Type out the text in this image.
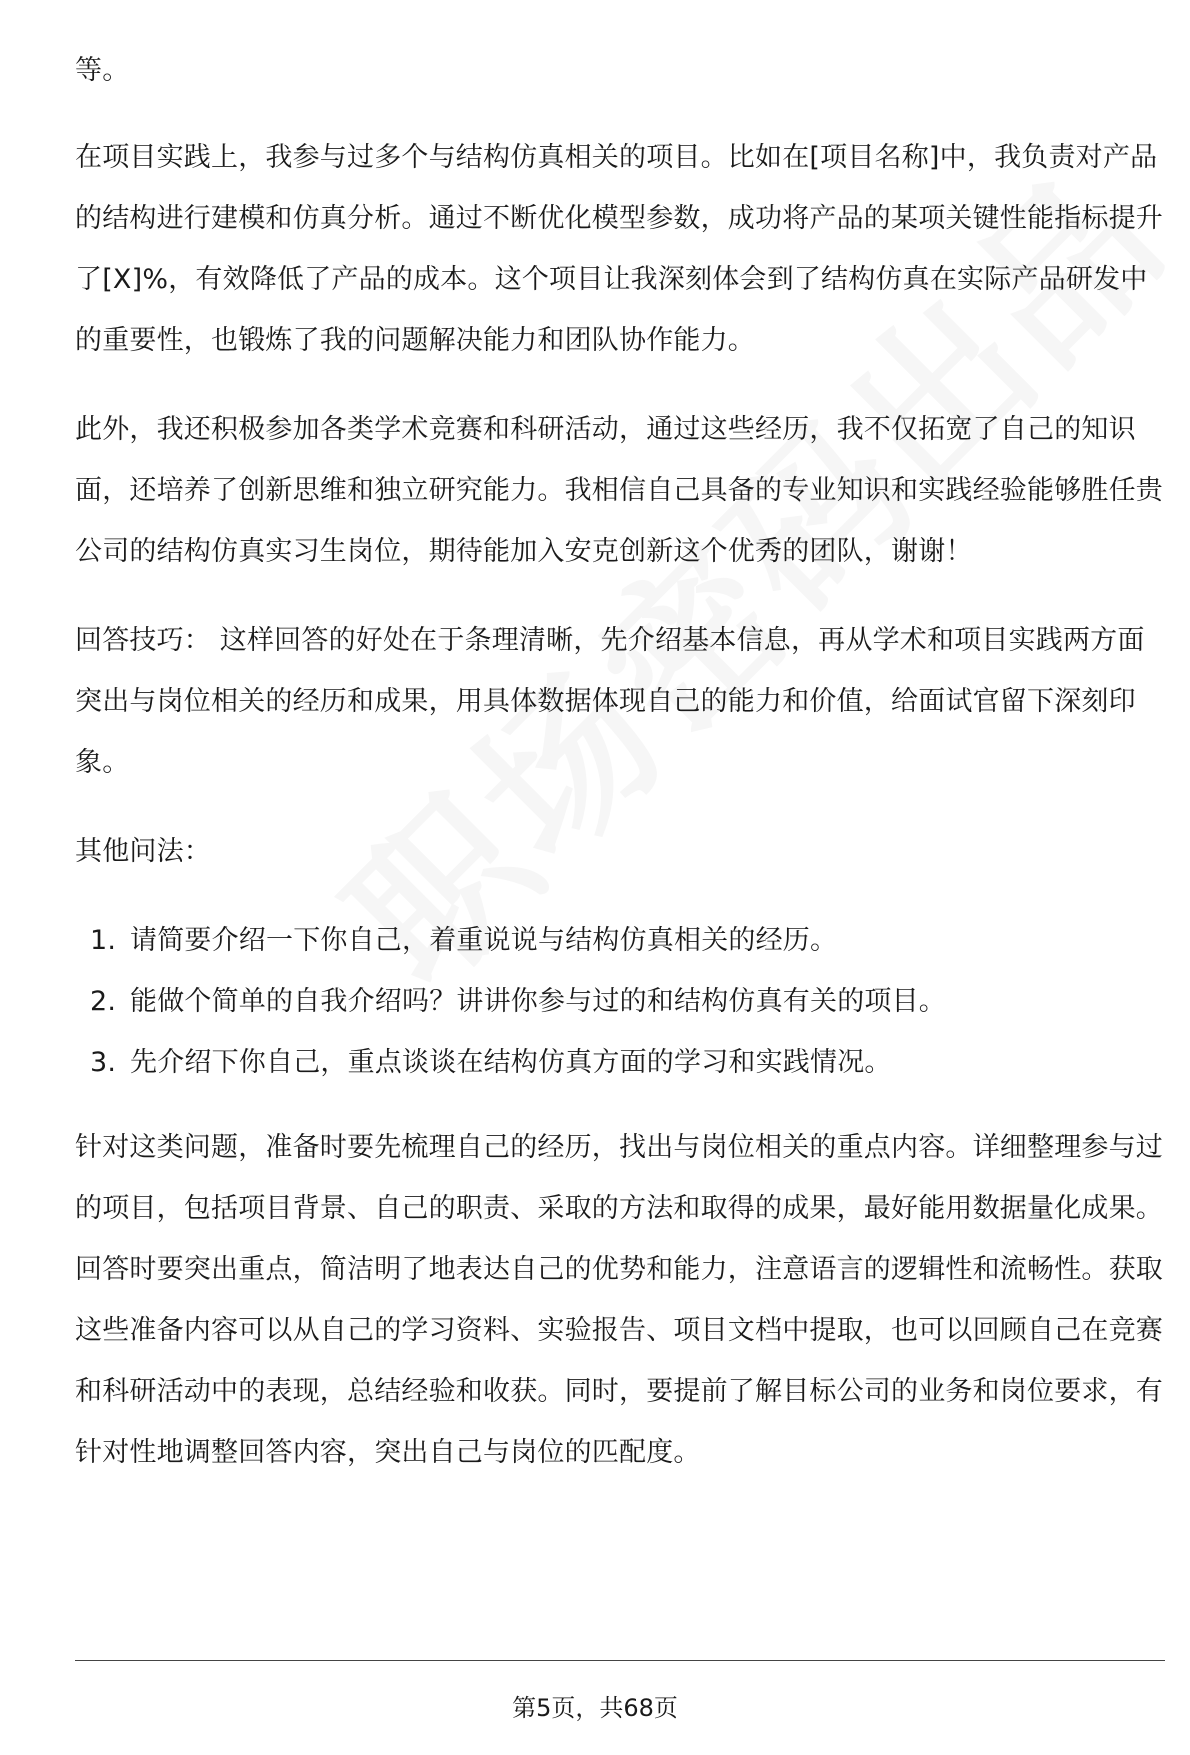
等。

在项目实践上，我参与过多个与结构仿真相关的项目。比如在[项目名称]中，我负责对产品的结构进行建模和仿真分析。通过不断优化模型参数，成功将产品的某项关键性能指标提升了[X]%，有效降低了产品的成本。这个项目让我深刻体会到了结构仿真在实际产品研发中的重要性，也锻炼了我的问题解决能力和团队协作能力。

此外，我还积极参加各类学术竞赛和科研活动，通过这些经历，我不仅拓宽了自己的知识面，还培养了创新思维和独立研究能力。我相信自己具备的专业知识和实践经验能够胜任贵公司的结构仿真实习生岗位，期待能加入安克创新这个优秀的团队，谢谢！

回答技巧： 这样回答的好处在于条理清晰，先介绍基本信息，再从学术和项目实践两方面突出与岗位相关的经历和成果，用具体数据体现自己的能力和价值，给面试官留下深刻印象。

其他问法：

1. 请简要介绍一下你自己，着重说说与结构仿真相关的经历。
2. 能做个简单的自我介绍吗？讲讲你参与过的和结构仿真有关的项目。
3. 先介绍下你自己，重点谈谈在结构仿真方面的学习和实践情况。

针对这类问题，准备时要先梳理自己的经历，找出与岗位相关的重点内容。详细整理参与过的项目，包括项目背景、自己的职责、采取的方法和取得的成果，最好能用数据量化成果。回答时要突出重点，简洁明了地表达自己的优势和能力，注意语言的逻辑性和流畅性。获取这些准备内容可以从自己的学习资料、实验报告、项目文档中提取，也可以回顾自己在竞赛和科研活动中的表现，总结经验和收获。同时，要提前了解目标公司的业务和岗位要求，有针对性地调整回答内容，突出自己与岗位的匹配度。

第5页，共68页
